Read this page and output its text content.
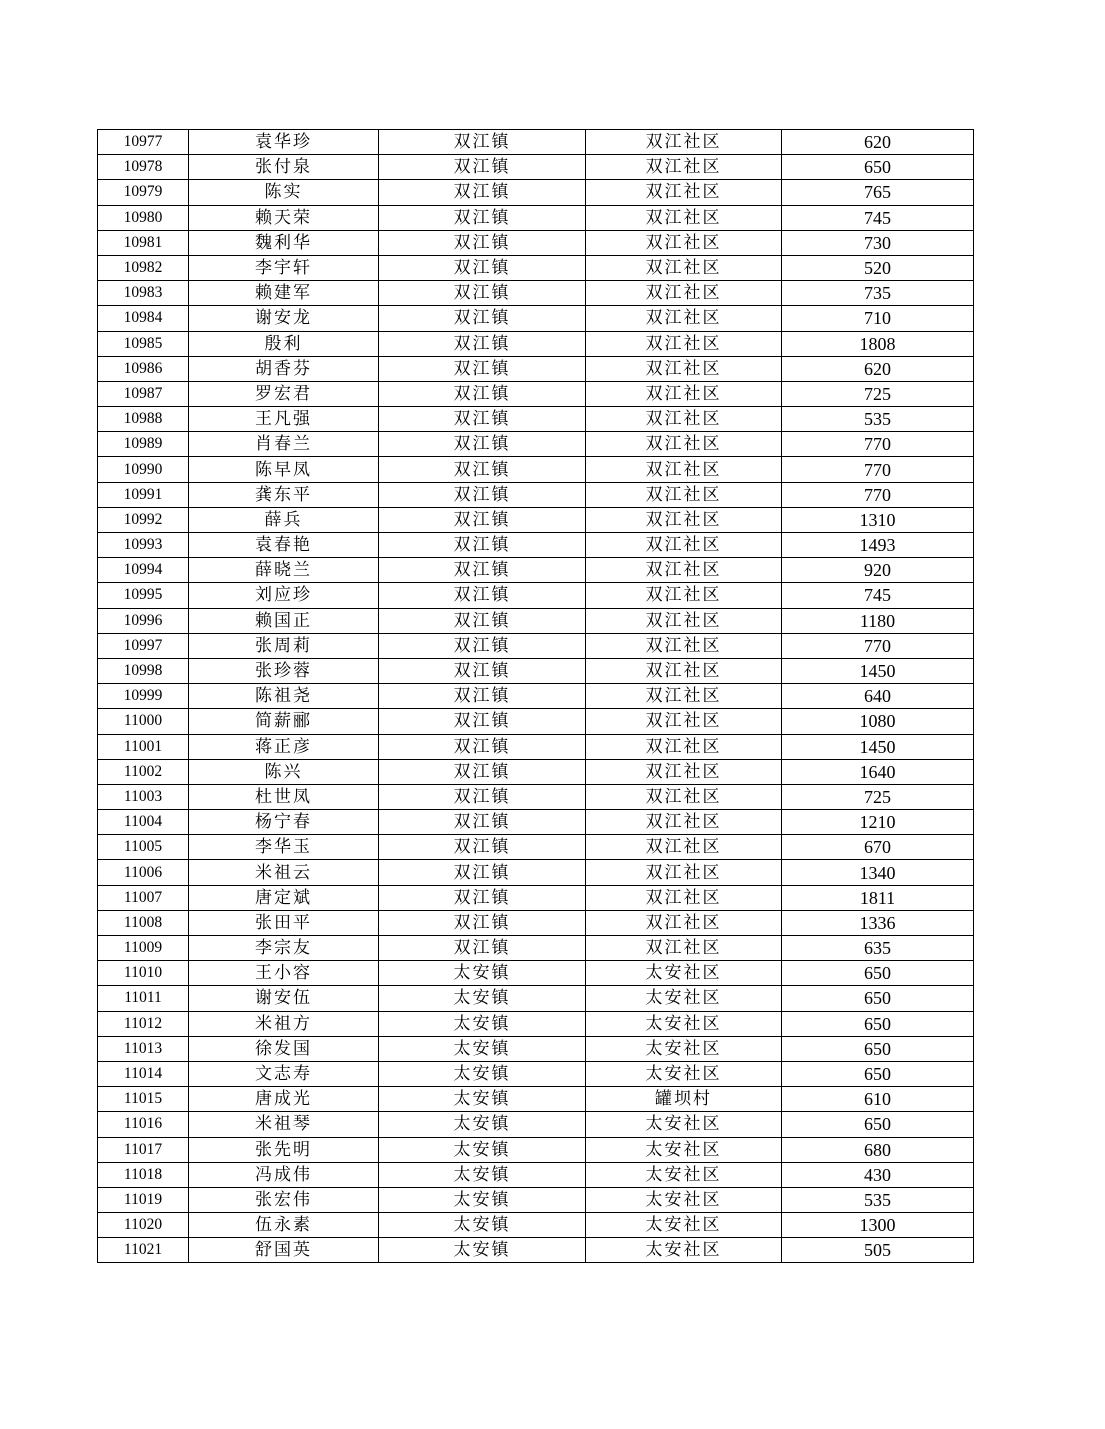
10977	袁华珍	双江镇	双江社区	620
10978	张付泉	双江镇	双江社区	650
10979	陈实	双江镇	双江社区	765
10980	赖天荣	双江镇	双江社区	745
10981	魏利华	双江镇	双江社区	730
10982	李宇轩	双江镇	双江社区	520
10983	赖建军	双江镇	双江社区	735
10984	谢安龙	双江镇	双江社区	710
10985	殷利	双江镇	双江社区	1808
10986	胡香芬	双江镇	双江社区	620
10987	罗宏君	双江镇	双江社区	725
10988	王凡强	双江镇	双江社区	535
10989	肖春兰	双江镇	双江社区	770
10990	陈早凤	双江镇	双江社区	770
10991	龚东平	双江镇	双江社区	770
10992	薛兵	双江镇	双江社区	1310
10993	袁春艳	双江镇	双江社区	1493
10994	薛晓兰	双江镇	双江社区	920
10995	刘应珍	双江镇	双江社区	745
10996	赖国正	双江镇	双江社区	1180
10997	张周莉	双江镇	双江社区	770
10998	张珍蓉	双江镇	双江社区	1450
10999	陈祖尧	双江镇	双江社区	640
11000	简薪郦	双江镇	双江社区	1080
11001	蒋正彦	双江镇	双江社区	1450
11002	陈兴	双江镇	双江社区	1640
11003	杜世凤	双江镇	双江社区	725
11004	杨宁春	双江镇	双江社区	1210
11005	李华玉	双江镇	双江社区	670
11006	米祖云	双江镇	双江社区	1340
11007	唐定斌	双江镇	双江社区	1811
11008	张田平	双江镇	双江社区	1336
11009	李宗友	双江镇	双江社区	635
11010	王小容	太安镇	太安社区	650
11011	谢安伍	太安镇	太安社区	650
11012	米祖方	太安镇	太安社区	650
11013	徐发国	太安镇	太安社区	650
11014	文志寿	太安镇	太安社区	650
11015	唐成光	太安镇	罐坝村	610
11016	米祖琴	太安镇	太安社区	650
11017	张先明	太安镇	太安社区	680
11018	冯成伟	太安镇	太安社区	430
11019	张宏伟	太安镇	太安社区	535
11020	伍永素	太安镇	太安社区	1300
11021	舒国英	太安镇	太安社区	505
